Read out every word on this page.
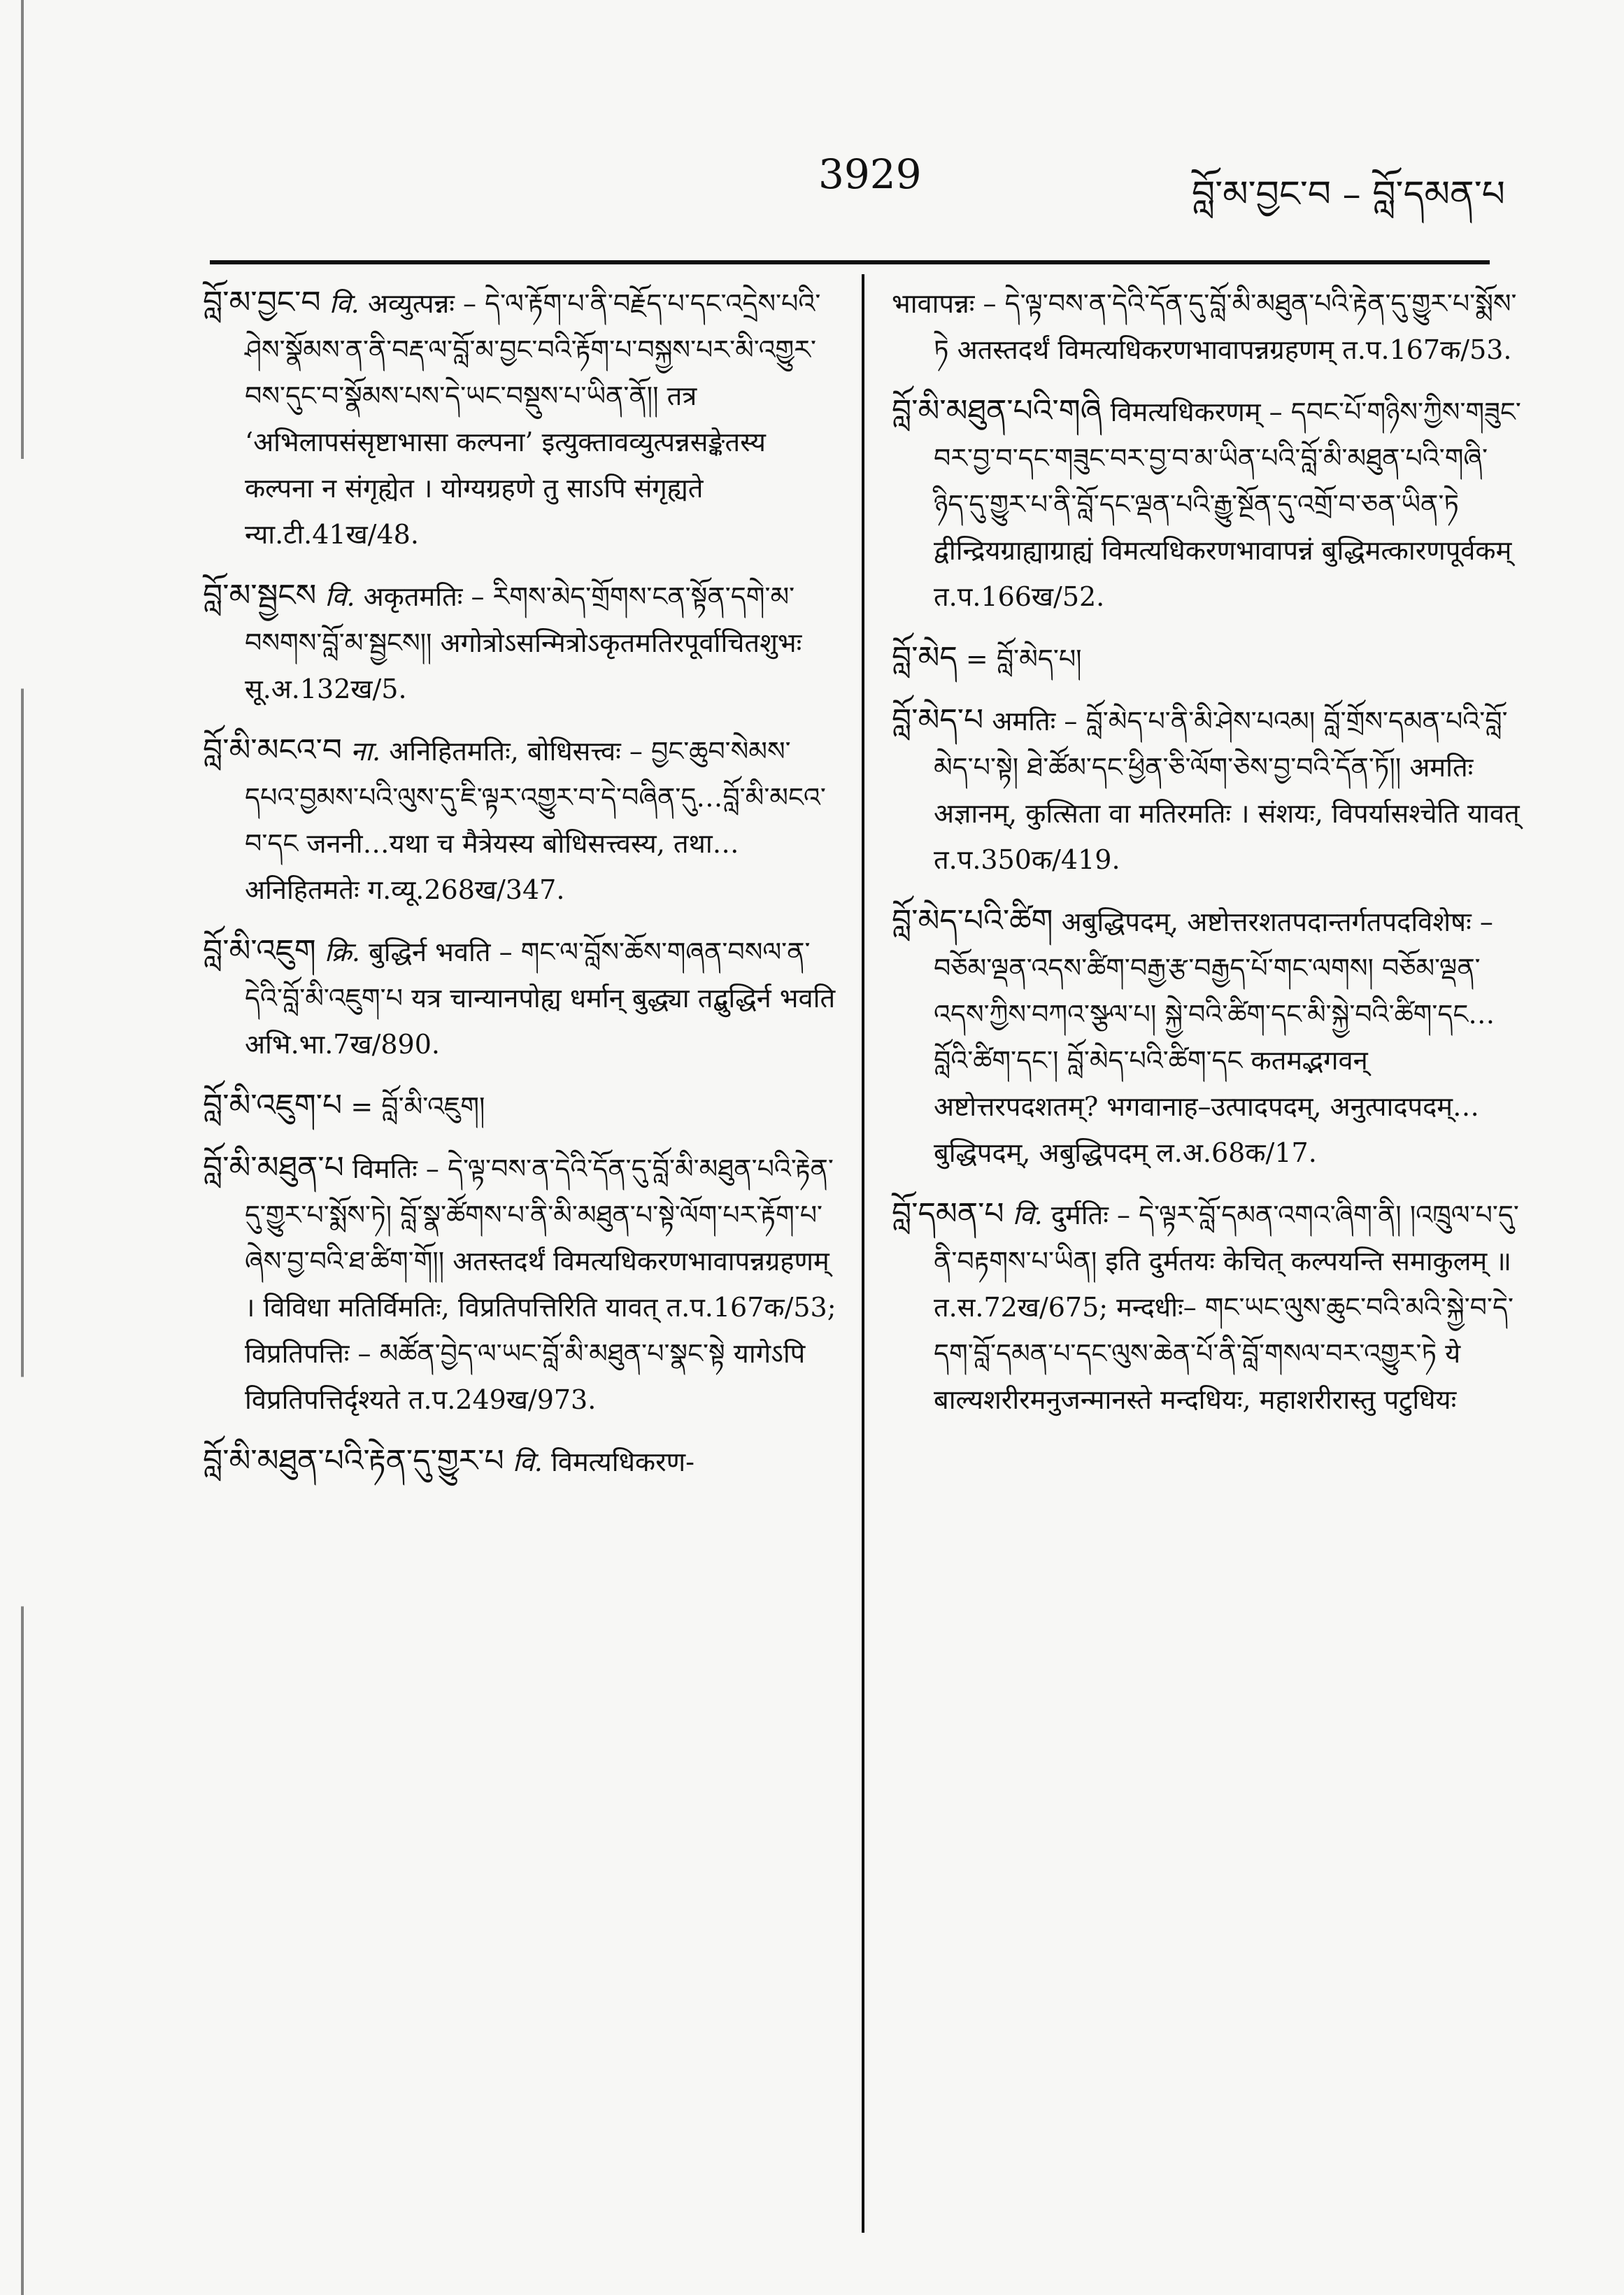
3929	བློ་མ་བྱང་བ – བློ་དམན་པ

བློ་མ་བྱང་བ वि. अव्युत्पन्नः – དེ་ལ་རྟོག་པ་ནི་བརྗོད་པ་དང་འདྲེས་པའི་ཤེས་སྣོམས་ན་ནི་བརྡ་ལ་བློ་མ་བྱང་བའི་རྟོག་པ་བསྐྱས་པར་མི་འགྱུར་བས་དུང་བ་སྣོམས་པས་དེ་ཡང་བསྡུས་པ་ཡིན་ནོ།། तत्र ‘अभिलापसंसृष्टाभासा कल्पना’ इत्युक्तावव्युत्पन्नसङ्केतस्य कल्पना न संगृह्येत । योग्यग्रहणे तु साऽपि संगृह्यते न्या.टी.41ख/48.

བློ་མ་སྦྱངས वि. अकृतमतिः – རིགས་མེད་གྲོགས་ངན་སྟོན་དགེ་མ་བསགས་བློ་མ་སྦྱངས།། अगोत्रोऽसन्मित्रोऽकृतमतिरपूर्वाचितशुभः सू.अ.132ख/5.

བློ་མི་མངའ་བ ना. अनिहितमतिः, बोधिसत्त्वः – བྱང་ཆུབ་སེམས་དཔའ་བྱམས་པའི་ལུས་དུ་ཇི་ལྟར་འགྱུར་བ་དེ་བཞིན་དུ…བློ་མི་མངའ་བ་དང जननी…यथा च मैत्रेयस्य बोधिसत्त्वस्य, तथा… अनिहितमतेः ग.व्यू.268ख/347.

བློ་མི་འཇུག क्रि. बुद्धिर्न भवति – གང་ལ་བློས་ཆོས་གཞན་བསལ་ན་དེའི་བློ་མི་འཇུག་པ यत्र चान्यानपोह्य धर्मान् बुद्ध्या तद्बुद्धिर्न भवति अभि.भा.7ख/890.

བློ་མི་འཇུག་པ = བློ་མི་འཇུག།

བློ་མི་མཐུན་པ विमतिः – དེ་ལྟ་བས་ན་དེའི་དོན་དུ་བློ་མི་མཐུན་པའི་རྟེན་དུ་གྱུར་པ་སྨོས་ཏེ། བློ་སྣ་ཚོགས་པ་ནི་མི་མཐུན་པ་སྟེ་ལོག་པར་རྟོག་པ་ཞེས་བྱ་བའི་ཐ་ཚིག་གོ།། अतस्तदर्थं विमत्यधिकरणभावापन्नग्रहणम् । विविधा मतिर्विमतिः, विप्रतिपत्तिरिति यावत् त.प.167क/53; विप्रतिपत्तिः – མཚོན་བྱེད་ལ་ཡང་བློ་མི་མཐུན་པ་སྣང་སྟེ यागेऽपि विप्रतिपत्तिर्दृश्यते त.प.249ख/973.

བློ་མི་མཐུན་པའི་རྟེན་དུ་གྱུར་པ वि. विमत्यधिकरण-

भावापन्नः – དེ་ལྟ་བས་ན་དེའི་དོན་དུ་བློ་མི་མཐུན་པའི་རྟེན་དུ་གྱུར་པ་སྨོས་ཏེ अतस्तदर्थं विमत्यधिकरणभावापन्नग्रहणम् त.प.167क/53.

བློ་མི་མཐུན་པའི་གཞི विमत्यधिकरणम् – དབང་པོ་གཉིས་ཀྱིས་གཟུང་བར་བྱ་བ་དང་གཟུང་བར་བྱ་བ་མ་ཡིན་པའི་བློ་མི་མཐུན་པའི་གཞི་ཉིད་དུ་གྱུར་པ་ནི་བློ་དང་ལྡན་པའི་རྒྱུ་སྔོན་དུ་འགྲོ་བ་ཅན་ཡིན་ཏེ द्वीन्द्रियग्राह्याग्राह्यं विमत्यधिकरणभावापन्नं बुद्धिमत्कारणपूर्वकम् त.प.166ख/52.

བློ་མེད = བློ་མེད་པ།

བློ་མེད་པ अमतिः – བློ་མེད་པ་ནི་མི་ཤེས་པའམ། བློ་གྲོས་དམན་པའི་བློ་མེད་པ་སྟེ། ཐེ་ཚོམ་དང་ཕྱིན་ཅི་ལོག་ཅེས་བྱ་བའི་དོན་ཏོ།། अमतिः अज्ञानम्, कुत्सिता वा मतिरमतिः । संशयः, विपर्यासश्चेति यावत् त.प.350क/419.

བློ་མེད་པའི་ཚིག अबुद्धिपदम्, अष्टोत्तरशतपदान्तर्गतपदविशेषः – བཅོམ་ལྡན་འདས་ཚིག་བརྒྱ་རྩ་བརྒྱད་པོ་གང་ལགས། བཅོམ་ལྡན་འདས་ཀྱིས་བཀའ་སྩལ་པ། སྐྱེ་བའི་ཚིག་དང་མི་སྐྱེ་བའི་ཚིག་དང…བློའི་ཚིག་དང་། བློ་མེད་པའི་ཚིག་དང कतमद्भगवन् अष्टोत्तरपदशतम्? भगवानाह–उत्पादपदम्, अनुत्पादपदम्… बुद्धिपदम्, अबुद्धिपदम् ल.अ.68क/17.

བློ་དམན་པ वि. दुर्मतिः – དེ་ལྟར་བློ་དམན་འགའ་ཞིག་ནི། །འཁྲུལ་པ་དུ་ནི་བརྟགས་པ་ཡིན། इति दुर्मतयः केचित् कल्पयन्ति समाकुलम् ॥ त.स.72ख/675; मन्दधीः– གང་ཡང་ལུས་ཆུང་བའི་མའི་སྐྱེ་བ་དེ་དག་བློ་དམན་པ་དང་ལུས་ཆེན་པོ་ནི་བློ་གསལ་བར་འགྱུར་ཏེ ये बाल्यशरीरमनुजन्मानस्ते मन्दधियः, महाशरीरास्तु पटुधियः
